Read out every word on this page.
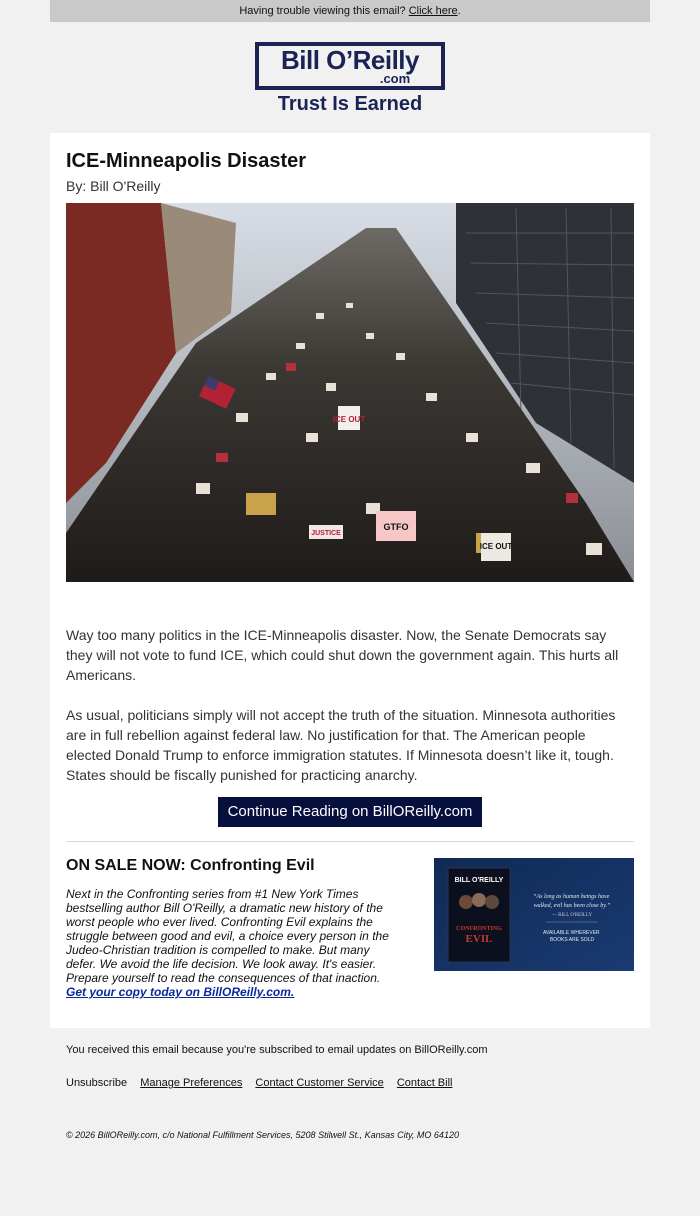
Having trouble viewing this email? Click here.
Bill O’Reilly
.com
Trust Is Earned
ICE-Minneapolis Disaster
By: Bill O'Reilly
ICE OUT
GTFO
JUSTICE
ICE OUT

Way too many politics in the ICE-Minneapolis disaster. Now, the Senate Democrats say they will not vote to fund ICE, which could shut down the government again. This hurts all Americans.

As usual, politicians simply will not accept the truth of the situation. Minnesota authorities are in full rebellion against federal law. No justification for that. The American people elected Donald Trump to enforce immigration statutes. If Minnesota doesn’t like it, tough. States should be fiscally punished for practicing anarchy.

Continue Reading on BillOReilly.com
ON SALE NOW: Confronting Evil

Next in the Confronting series from #1 New York Times bestselling author Bill O'Reilly, a dramatic new history of the worst people who ever lived. Confronting Evil explains the struggle between good and evil, a choice every person in the Judeo-Christian tradition is compelled to make. But many defer. We avoid the life decision. We look away. It's easier. Prepare yourself to read the consequences of that inaction.
Get your copy today on BillOReilly.com.

BILL O'REILLY
CONFRONTING
EVIL
“As long as human beings have walked, evil has been close by.”
— BILL O'REILLY
AVAILABLE WHEREVER BOOKS ARE SOLD
You received this email because you're subscribed to email updates on BillOReilly.com
Unsubscribe Manage Preferences Contact Customer Service Contact Bill
© 2026 BillOReilly.com, c/o National Fulfillment Services, 5208 Stilwell St., Kansas City, MO 64120
